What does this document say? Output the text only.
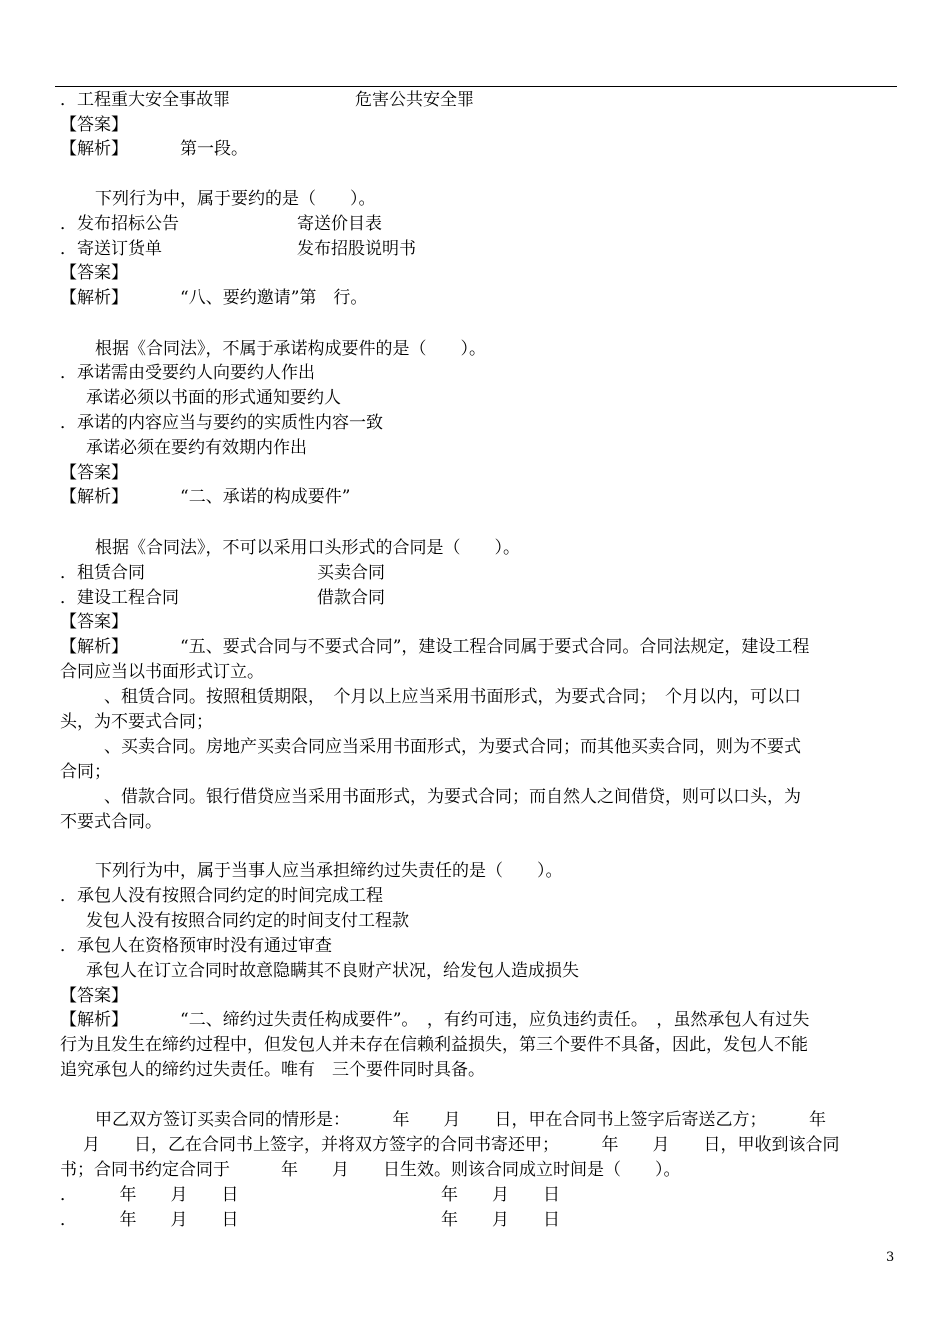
．工程重大安全事故罪	危害公共安全罪
【答案】
【解析】	第一段。
下列行为中，属于要约的是（　　）。
．发布招标公告	寄送价目表
．寄送订货单	发布招股说明书
【答案】
【解析】	“八、要约邀请”第　行。
根据《合同法》，不属于承诺构成要件的是（　　）。
．承诺需由受要约人向要约人作出
承诺必须以书面的形式通知要约人
．承诺的内容应当与要约的实质性内容一致
承诺必须在要约有效期内作出
【答案】
【解析】	“二、承诺的构成要件”
根据《合同法》，不可以采用口头形式的合同是（　　）。
．租赁合同	买卖合同
．建设工程合同	借款合同
【答案】
【解析】	“五、要式合同与不要式合同”，建设工程合同属于要式合同。合同法规定，建设工程
合同应当以书面形式订立。
、租赁合同。按照租赁期限，　个月以上应当采用书面形式，为要式合同；　个月以内，可以口
头，为不要式合同；
、买卖合同。房地产买卖合同应当采用书面形式，为要式合同；而其他买卖合同，则为不要式
合同；
、借款合同。银行借贷应当采用书面形式，为要式合同；而自然人之间借贷，则可以口头，为
不要式合同。
下列行为中，属于当事人应当承担缔约过失责任的是（　　）。
．承包人没有按照合同约定的时间完成工程
发包人没有按照合同约定的时间支付工程款
．承包人在资格预审时没有通过审查
承包人在订立合同时故意隐瞒其不良财产状况，给发包人造成损失
【答案】
【解析】	“二、缔约过失责任构成要件”。　，有约可违，应负违约责任。　，虽然承包人有过失
行为且发生在缔约过程中，但发包人并未存在信赖利益损失，第三个要件不具备，因此，发包人不能
追究承包人的缔约过失责任。唯有　三个要件同时具备。
甲乙双方签订买卖合同的情形是：　　　年　　月　　日，甲在合同书上签字后寄送乙方；　　　年
月　　日，乙在合同书上签字，并将双方签字的合同书寄还甲；　　　年　　月　　日，甲收到该合同
书；合同书约定合同于　　　年　　月　　日生效。则该合同成立时间是（　　）。
．　　　年　　月　　日	年　　月　　日
．　　　年　　月　　日	年　　月　　日
3
